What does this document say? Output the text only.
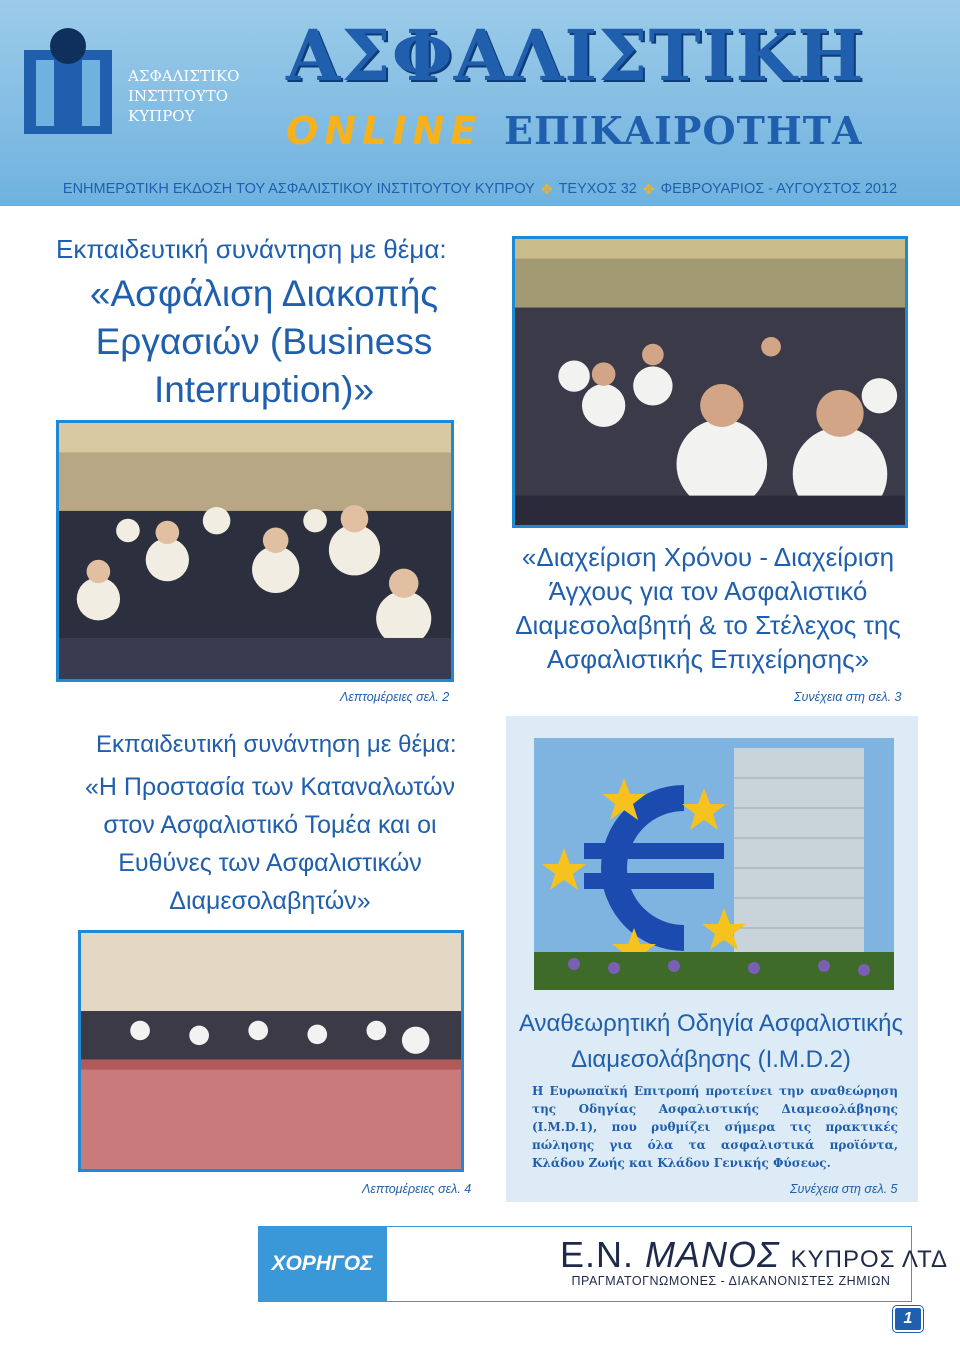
ΑΣΦΑΛΙΣΤΙΚΟ
ΙΝΣΤΙΤΟΥΤΟ
ΚΥΠΡΟΥ
ΑΣΦΑΛΙΣΤΙΚΗ
ONLINE ΕΠΙΚΑΙΡΟΤΗΤΑ
ΕΝΗΜΕΡΩΤΙΚΗ ΕΚΔΟΣΗ ΤΟΥ ΑΣΦΑΛΙΣΤΙΚΟΥ ΙΝΣΤΙΤΟΥΤΟΥ ΚΥΠΡΟΥ ✥ ΤΕΥΧΟΣ 32 ✥ ΦΕΒΡΟΥΑΡΙΟΣ - ΑΥΓΟΥΣΤΟΣ 2012
Εκπαιδευτική συνάντηση με θέμα:
«Ασφάλιση Διακοπής Εργασιών (Business Interruption)»
Λεπτομέρειες σελ. 2
«Διαχείριση Χρόνου - Διαχείριση Άγχους για τον Ασφαλιστικό Διαμεσολαβητή & το Στέλεχος της Ασφαλιστικής Επιχείρησης»
Συνέχεια στη σελ. 3
Εκπαιδευτική συνάντηση με θέμα:
«Η Προστασία των Καταναλωτών στον Ασφαλιστικό Τομέα και οι Ευθύνες των Ασφαλιστικών Διαμεσολαβητών»
Λεπτομέρειες σελ. 4
Αναθεωρητική Οδηγία Ασφαλιστικής Διαμεσολάβησης (I.M.D.2)
Η Ευρωπαϊκή Επιτροπή προτείνει την αναθεώρηση της Οδηγίας Ασφαλιστικής Διαμεσολάβησης (I.M.D.1), που ρυθμίζει σήμερα τις πρακτικές πώλησης για όλα τα ασφαλιστικά προϊόντα, Κλάδου Ζωής και Κλάδου Γενικής Φύσεως.
Συνέχεια στη σελ. 5
ΧΟΡΗΓΟΣ	Ε.Ν. ΜΑΝΟΣ ΚΥΠΡΟΣ ΛΤΔ
ΠΡΑΓΜΑΤΟΓΝΩΜΟΝΕΣ - ΔΙΑΚΑΝΟΝΙΣΤΕΣ ΖΗΜΙΩΝ
1
